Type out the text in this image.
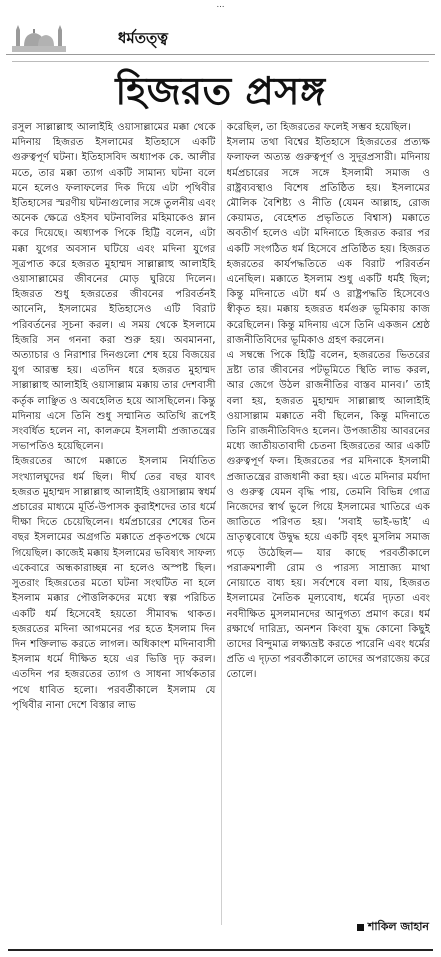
…
ধর্মতত্ত্ব
হিজরত প্রসঙ্গ

রসুল সাল্লাল্লাহু আলাইহি ওয়াসাল্লামের মক্কা থেকে মদিনায় হিজরত ইসলামের ইতিহাসে একটি গুরুত্বপূর্ণ ঘটনা। ইতিহাসবিদ অধ্যাপক কে. আলীর মতে, তার মক্কা ত্যাগ একটি সামান্য ঘটনা বলে মনে হলেও ফলাফলের দিক দিয়ে এটা পৃথিবীর ইতিহাসের স্মরণীয় ঘটনাগুলোর সঙ্গে তুলনীয় এবং অনেক ক্ষেত্রে ওইসব ঘটনাবলির মহিমাকেও ম্লান করে দিয়েছে। অধ্যাপক পিকে হিট্টি বলেন, এটা মক্কা যুগের অবসান ঘটিয়ে এবং মদিনা যুগের সূত্রপাত করে হজরত মুহাম্মদ সাল্লাল্লাহু আলাইহি ওয়াসাল্লামের জীবনের মোড় ঘুরিয়ে দিলেন। হিজরত শুধু হজরতের জীবনের পরিবর্তনই আনেনি, ইসলামের ইতিহাসেও এটি বিরাট পরিবর্তনের সূচনা করল। এ সময় থেকে ইসলামে হিজরি সন গননা করা শুরু হয়। অবমাননা, অত্যাচার ও নিরাশার দিনগুলো শেষ হয়ে বিজয়ের যুগ আরম্ভ হয়। এতদিন ধরে হজরত মুহাম্মদ সাল্লাল্লাহু আলাইহি ওয়াসাল্লাম মক্কায় তার দেশবাসী কর্তৃক লাঞ্ছিত ও অবহেলিত হয়ে আসছিলেন। কিন্তু মদিনায় এসে তিনি শুধু সম্মানিত অতিথি রূপেই সংবর্ধিত হলেন না, কালক্রমে ইসলামী প্রজাতন্ত্রের সভাপতিও হয়েছিলেন।

হিজরতের আগে মক্কাতে ইসলাম নির্যাতিত সংখ্যালঘুদের ধর্ম ছিল। দীর্ঘ তের বছর যাবৎ হজরত মুহাম্মদ সাল্লাল্লাহু আলাইহি ওয়াসাল্লাম স্বধর্ম প্রচারের মাধ্যমে মূর্তি-উপাসক কুরাইশদের তার ধর্মে দীক্ষা দিতে চেয়েছিলেন। ধর্মপ্রচারের শেষের তিন বছর ইসলামের অগ্রগতি মক্কাতে প্রকৃতপক্ষে থেমে গিয়েছিল। কাজেই মক্কায় ইসলামের ভবিষ্যৎ সাফল্য একেবারে অন্ধকারাচ্ছন্ন না হলেও অস্পষ্ট ছিল। সুতরাং হিজরতের মতো ঘটনা সংঘটিত না হলে ইসলাম মক্কার পৌত্তলিকদের মধ্যে স্বল্প পরিচিত একটি ধর্ম হিসেবেই হয়তো সীমাবদ্ধ থাকত। হজরতের মদিনা আগমনের পর হতে ইসলাম দিন দিন শক্তিলাভ করতে লাগল। অধিকাংশ মদিনাবাসী ইসলাম ধর্মে দীক্ষিত হয়ে এর ভিত্তি দৃঢ় করল। এতদিন পর হজরতের ত্যাগ ও সাধনা সার্থকতার পথে ধাবিত হলো। পরবর্তীকালে ইসলাম যে পৃথিবীর নানা দেশে বিস্তার লাভ

করেছিল, তা হিজরতের ফলেই সম্ভব হয়েছিল।

ইসলাম তথা বিশ্বের ইতিহাসে হিজরতের প্রত্যক্ষ ফলাফল অত্যন্ত গুরুত্বপূর্ণ ও সুদূরপ্রসারী। মদিনায় ধর্মপ্রচারের সঙ্গে সঙ্গে ইসলামী সমাজ ও রাষ্ট্রব্যবস্থাও বিশেষ প্রতিষ্ঠিত হয়। ইসলামের মৌলিক বৈশিষ্ট্য ও নীতি (যেমন আল্লাহ, রোজ কেয়ামত, বেহেশত প্রভৃতিতে বিশ্বাস) মক্কাতে অবতীর্ণ হলেও এটা মদিনাতে হিজরত করার পর একটি সংগঠিত ধর্ম হিসেবে প্রতিষ্ঠিত হয়। হিজরত হজরতের কার্যপদ্ধতিতে এক বিরাট পরিবর্তন এনেছিল। মক্কাতে ইসলাম শুধু একটি ধর্মই ছিল; কিন্তু মদিনাতে এটা ধর্ম ও রাষ্ট্রপদ্ধতি হিসেবেও স্বীকৃত হয়। মক্কায় হজরত ধর্মগুরু ভূমিকায় কাজ করেছিলেন। কিন্তু মদিনায় এসে তিনি একজন শ্রেষ্ঠ রাজনীতিবিদের ভূমিকাও গ্রহণ করলেন।

এ সম্বন্ধে পিকে হিট্টি বলেন, হজরতের ভিতরের দ্রষ্টা তার জীবনের পটভূমিতে স্থিতি লাভ করল, আর জেগে উঠল রাজনীতির বাস্তব মানব।’ তাই বলা হয়, হজরত মুহাম্মদ সাল্লাল্লাহু আলাইহি ওয়াসাল্লাম মক্কাতে নবী ছিলেন, কিন্তু মদিনাতে তিনি রাজনীতিবিদও হলেন। উপজাতীয় আবরনের মধ্যে জাতীয়তাবাদী চেতনা হিজরতের আর একটি গুরুত্বপূর্ণ ফল। হিজরতের পর মদিনাকে ইসলামী প্রজাতন্ত্রের রাজধানী করা হয়। এতে মদিনার মর্যাদা ও গুরুত্ব যেমন বৃদ্ধি পায়, তেমনি বিভিন্ন গোত্র নিজেদের স্বার্থ ভুলে গিয়ে ইসলামের খাতিরে এক জাতিতে পরিণত হয়। ‘সবাই ভাই-ভাই’ এ ভ্রাতৃত্ববোধে উদ্বুদ্ধ হয়ে একটি বৃহৎ মুসলিম সমাজ গড়ে উঠেছিল— যার কাছে পরবর্তীকালে পরাক্রমশালী রোম ও পারস্য সাম্রাজ্য মাথা নোয়াতে বাধ্য হয়। সর্বশেষে বলা যায়, হিজরত ইসলামের নৈতিক মূল্যবোধ, ধর্মের দৃঢ়তা এবং নবদীক্ষিত মুসলমানদের আনুগত্য প্রমাণ করে। ধর্ম রক্ষার্থে দারিদ্র্য, অনশন কিংবা যুদ্ধ কোনো কিছুই তাদের বিন্দুমাত্র লক্ষ্যভ্রষ্ট করতে পারেনি এবং ধর্মের প্রতি এ দৃঢ়তা পরবর্তীকালে তাদের অপরাজেয় করে তোলে।

শাকিল জাহান
